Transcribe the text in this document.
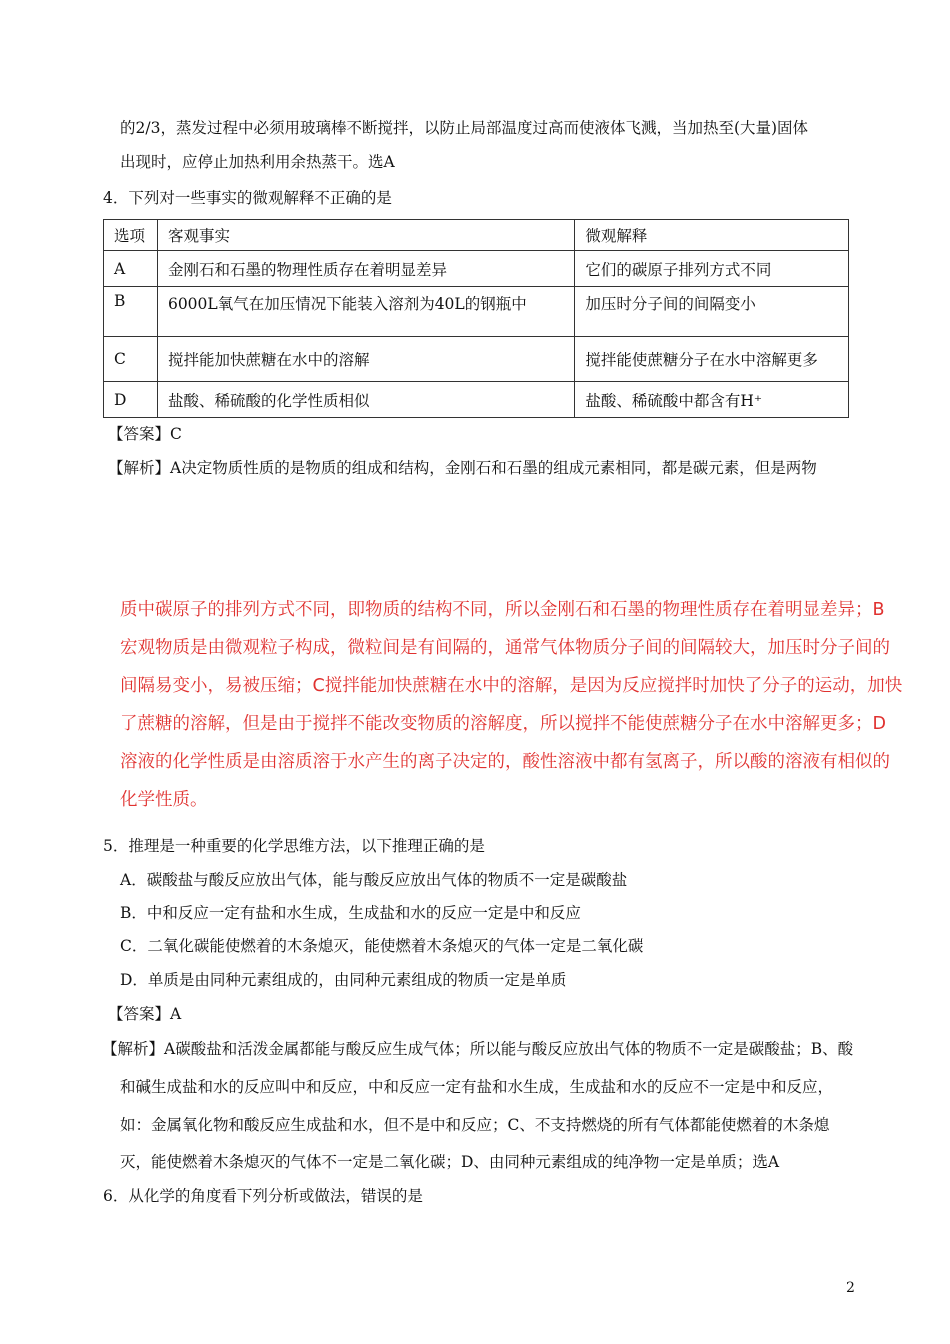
的2/3，蒸发过程中必须用玻璃棒不断搅拌，以防止局部温度过高而使液体飞溅，当加热至(大量)固体
出现时，应停止加热利用余热蒸干。选A
4．下列对一些事实的微观解释不正确的是
选项	客观事实	微观解释
A	金刚石和石墨的物理性质存在着明显差异	它们的碳原子排列方式不同
B	6000L氧气在加压情况下能装入溶剂为40L的钢瓶中	加压时分子间的间隔变小
C	搅拌能加快蔗糖在水中的溶解	搅拌能使蔗糖分子在水中溶解更多
D	盐酸、稀硫酸的化学性质相似	盐酸、稀硫酸中都含有H⁺
【答案】C
【解析】A决定物质性质的是物质的组成和结构，金刚石和石墨的组成元素相同，都是碳元素，但是两物
质中碳原子的排列方式不同，即物质的结构不同，所以金刚石和石墨的物理性质存在着明显差异；B
宏观物质是由微观粒子构成，微粒间是有间隔的，通常气体物质分子间的间隔较大，加压时分子间的
间隔易变小，易被压缩；C搅拌能加快蔗糖在水中的溶解，是因为反应搅拌时加快了分子的运动，加快
了蔗糖的溶解，但是由于搅拌不能改变物质的溶解度，所以搅拌不能使蔗糖分子在水中溶解更多；D
溶液的化学性质是由溶质溶于水产生的离子决定的，酸性溶液中都有氢离子，所以酸的溶液有相似的
化学性质。
5．推理是一种重要的化学思维方法，以下推理正确的是
A．碳酸盐与酸反应放出气体，能与酸反应放出气体的物质不一定是碳酸盐
B．中和反应一定有盐和水生成，生成盐和水的反应一定是中和反应
C．二氧化碳能使燃着的木条熄灭，能使燃着木条熄灭的气体一定是二氧化碳
D．单质是由同种元素组成的，由同种元素组成的物质一定是单质
【答案】A
【解析】A碳酸盐和活泼金属都能与酸反应生成气体；所以能与酸反应放出气体的物质不一定是碳酸盐；B、酸
和碱生成盐和水的反应叫中和反应，中和反应一定有盐和水生成，生成盐和水的反应不一定是中和反应，
如：金属氧化物和酸反应生成盐和水，但不是中和反应；C、不支持燃烧的所有气体都能使燃着的木条熄
灭，能使燃着木条熄灭的气体不一定是二氧化碳；D、由同种元素组成的纯净物一定是单质；选A
6．从化学的角度看下列分析或做法，错误的是
2
